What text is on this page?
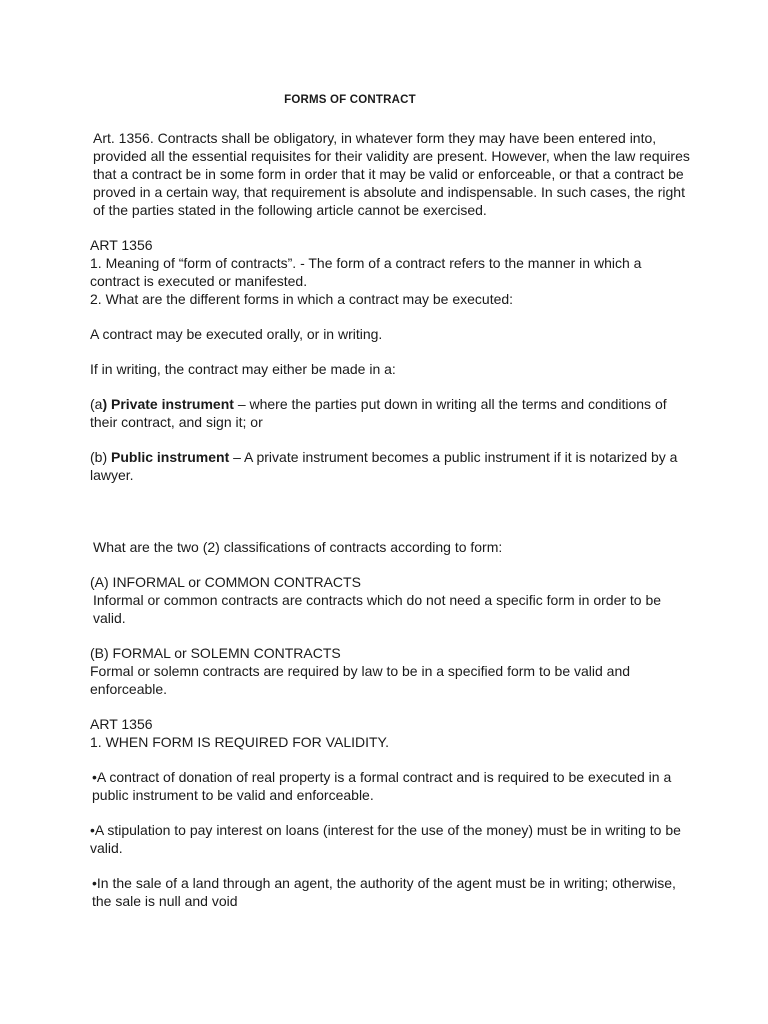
FORMS OF CONTRACT

Art. 1356. Contracts shall be obligatory, in whatever form they may have been entered into, provided all the essential requisites for their validity are present. However, when the law requires that a contract be in some form in order that it may be valid or enforceable, or that a contract be proved in a certain way, that requirement is absolute and indispensable. In such cases, the right of the parties stated in the following article cannot be exercised.

ART 1356

1. Meaning of “form of contracts”. - The form of a contract refers to the manner in which a contract is executed or manifested.

2. What are the different forms in which a contract may be executed:

A contract may be executed orally, or in writing.

If in writing, the contract may either be made in a:

(a) Private instrument – where the parties put down in writing all the terms and conditions of their contract, and sign it; or

(b) Public instrument – A private instrument becomes a public instrument if it is notarized by a lawyer.

What are the two (2) classifications of contracts according to form:

(A) INFORMAL or COMMON CONTRACTS

Informal or common contracts are contracts which do not need a specific form in order to be valid.

(B) FORMAL or SOLEMN CONTRACTS

Formal or solemn contracts are required by law to be in a specified form to be valid and enforceable.

ART 1356

1. WHEN FORM IS REQUIRED FOR VALIDITY.

•A contract of donation of real property is a formal contract and is required to be executed in a public instrument to be valid and enforceable.

•A stipulation to pay interest on loans (interest for the use of the money) must be in writing to be valid.

•In the sale of a land through an agent, the authority of the agent must be in writing; otherwise, the sale is null and void
